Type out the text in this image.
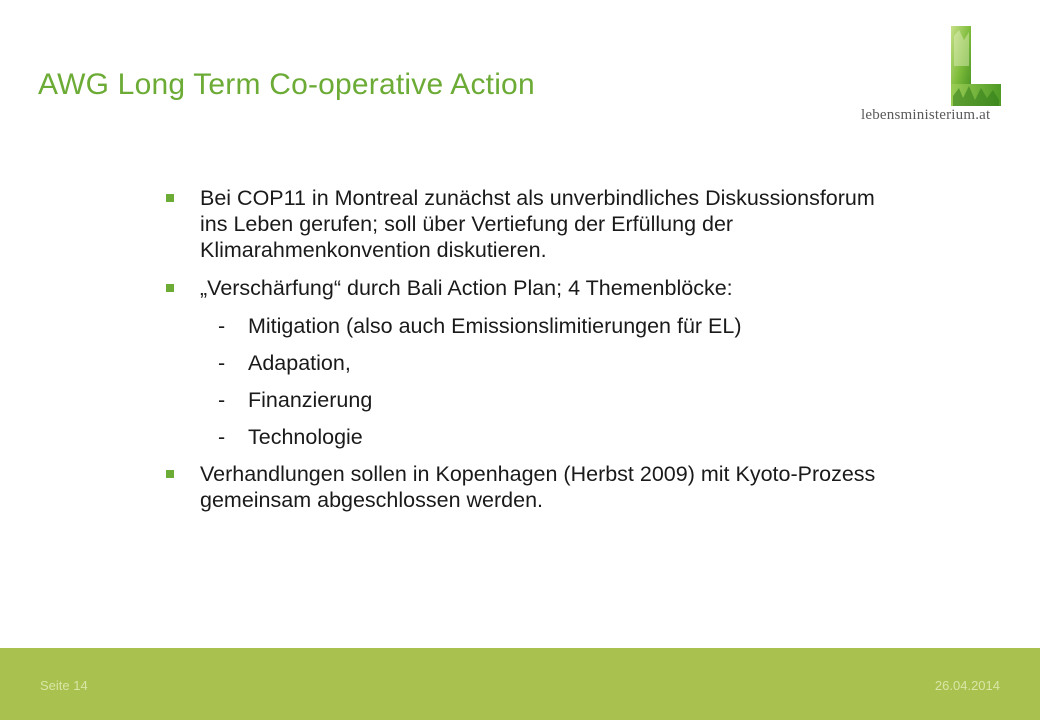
AWG Long Term Co-operative Action
lebensministerium.at
Bei COP11 in Montreal zunächst als unverbindliches Diskussionsforum ins Leben gerufen; soll über Vertiefung der Erfüllung der Klimarahmenkonvention diskutieren.
„Verschärfung“ durch Bali Action Plan; 4 Themenblöcke:
- Mitigation (also auch Emissionslimitierungen für EL)
- Adapation,
- Finanzierung
- Technologie
Verhandlungen sollen in Kopenhagen (Herbst 2009) mit Kyoto-Prozess gemeinsam abgeschlossen werden.
Seite 14	26.04.2014
